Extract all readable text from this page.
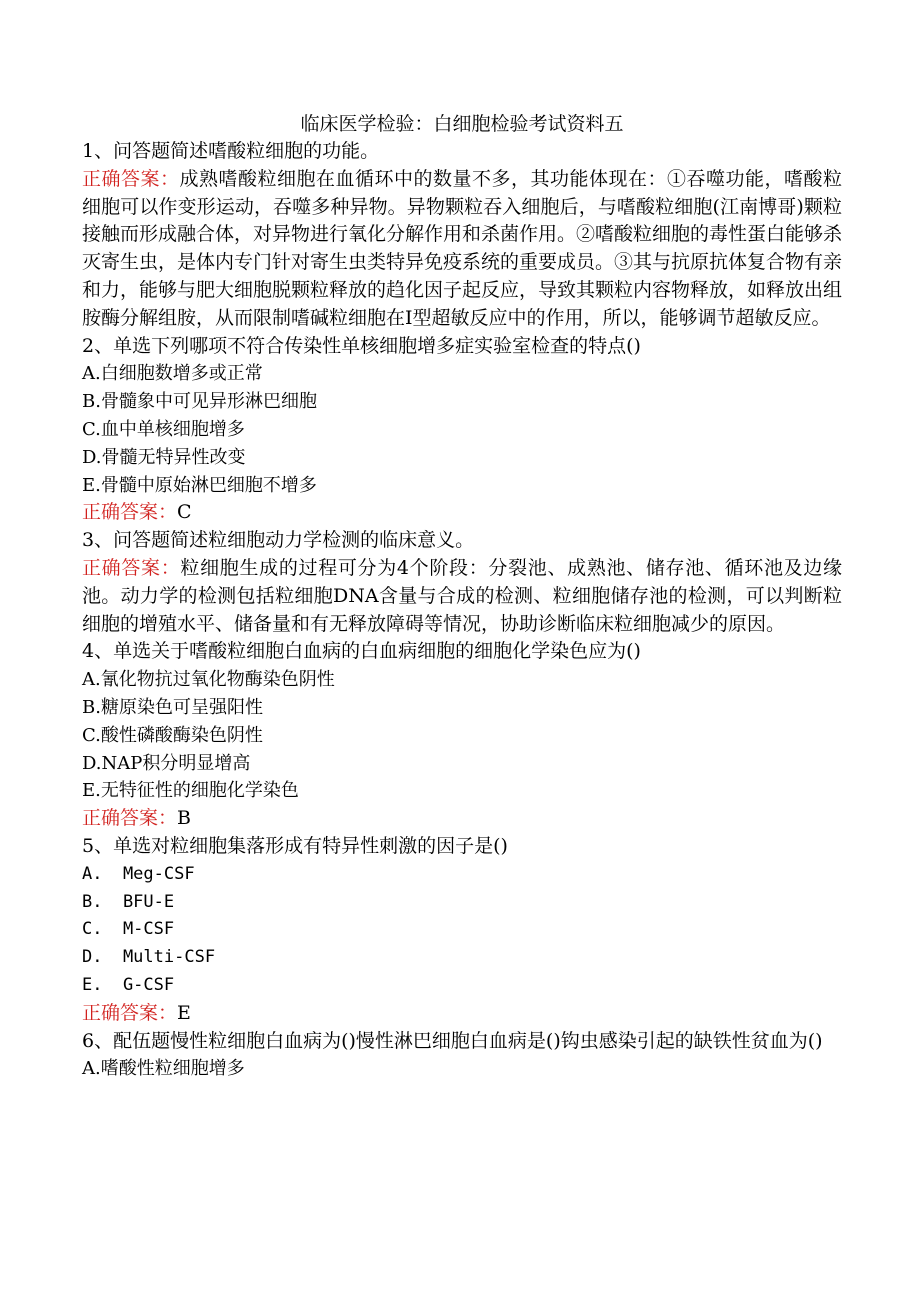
临床医学检验：白细胞检验考试资料五
1、问答题简述嗜酸粒细胞的功能。
正确答案：成熟嗜酸粒细胞在血循环中的数量不多，其功能体现在：①吞噬功能，嗜酸粒细胞可以作变形运动，吞噬多种异物。异物颗粒吞入细胞后，与嗜酸粒细胞(江南博哥)颗粒接触而形成融合体，对异物进行氧化分解作用和杀菌作用。②嗜酸粒细胞的毒性蛋白能够杀灭寄生虫，是体内专门针对寄生虫类特异免疫系统的重要成员。③其与抗原抗体复合物有亲和力，能够与肥大细胞脱颗粒释放的趋化因子起反应，导致其颗粒内容物释放，如释放出组胺酶分解组胺，从而限制嗜碱粒细胞在Ⅰ型超敏反应中的作用，所以，能够调节超敏反应。
2、单选下列哪项不符合传染性单核细胞增多症实验室检查的特点()
A.白细胞数增多或正常
B.骨髓象中可见异形淋巴细胞
C.血中单核细胞增多
D.骨髓无特异性改变
E.骨髓中原始淋巴细胞不增多
正确答案：C
3、问答题简述粒细胞动力学检测的临床意义。
正确答案：粒细胞生成的过程可分为4个阶段：分裂池、成熟池、储存池、循环池及边缘池。动力学的检测包括粒细胞DNA含量与合成的检测、粒细胞储存池的检测，可以判断粒细胞的增殖水平、储备量和有无释放障碍等情况，协助诊断临床粒细胞减少的原因。
4、单选关于嗜酸粒细胞白血病的白血病细胞的细胞化学染色应为()
Α.氰化物抗过氧化物酶染色阴性
B.糖原染色可呈强阳性
C.酸性磷酸酶染色阴性
D.NAP积分明显增高
E.无特征性的细胞化学染色
正确答案：B
5、单选对粒细胞集落形成有特异性刺激的因子是()
A.  Meg-CSF
B.  BFU-E
C.  M-CSF
D.  Multi-CSF
E.  G-CSF
正确答案：E
6、配伍题慢性粒细胞白血病为()慢性淋巴细胞白血病是()钩虫感染引起的缺铁性贫血为()
A.嗜酸性粒细胞增多
